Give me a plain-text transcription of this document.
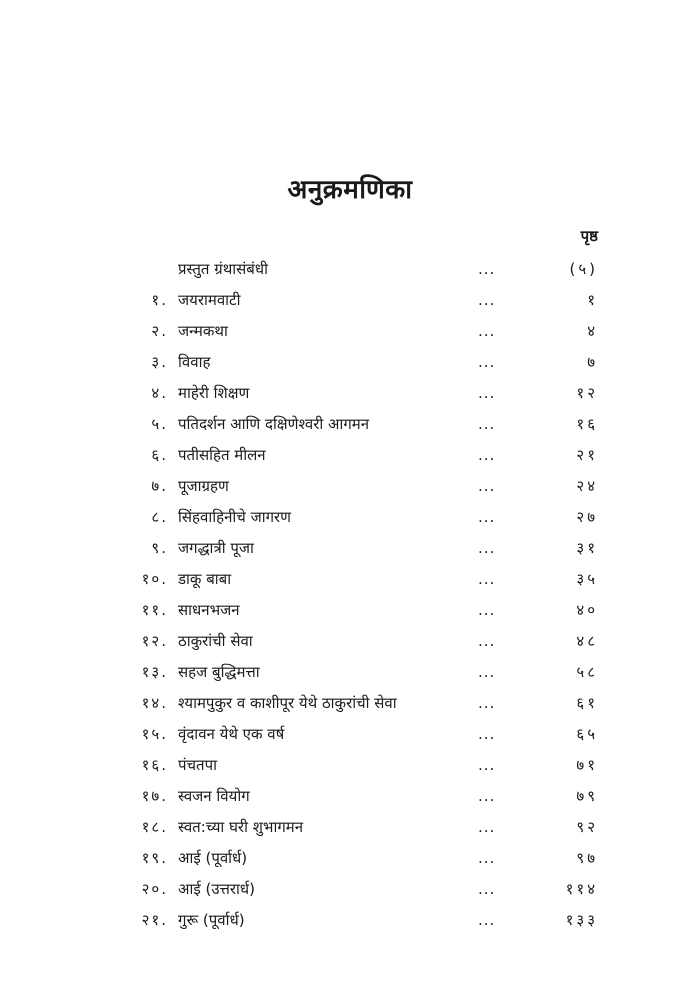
अनुक्रमणिका
पृष्ठ
प्रस्तुत ग्रंथासंबंधी	...	(५)
१. जयरामवाटी	...	१
२. जन्मकथा	...	४
३. विवाह	...	७
४. माहेरी शिक्षण	...	१२
५. पतिदर्शन आणि दक्षिणेश्वरी आगमन	...	१६
६. पतीसहित मीलन	...	२१
७. पूजाग्रहण	...	२४
८. सिंहवाहिनीचे जागरण	...	२७
९. जगद्धात्री पूजा	...	३१
१०. डाकू बाबा	...	३५
११. साधनभजन	...	४०
१२. ठाकुरांची सेवा	...	४८
१३. सहज बुद्धिमत्ता	...	५८
१४. श्यामपुकुर व काशीपूर येथे ठाकुरांची सेवा	...	६१
१५. वृंदावन येथे एक वर्ष	...	६५
१६. पंचतपा	...	७१
१७. स्वजन वियोग	...	७९
१८. स्वत:च्या घरी शुभागमन	...	९२
१९. आई (पूर्वार्ध)	...	९७
२०. आई (उत्तरार्ध)	...	११४
२१. गुरू (पूर्वार्ध)	...	१३३
